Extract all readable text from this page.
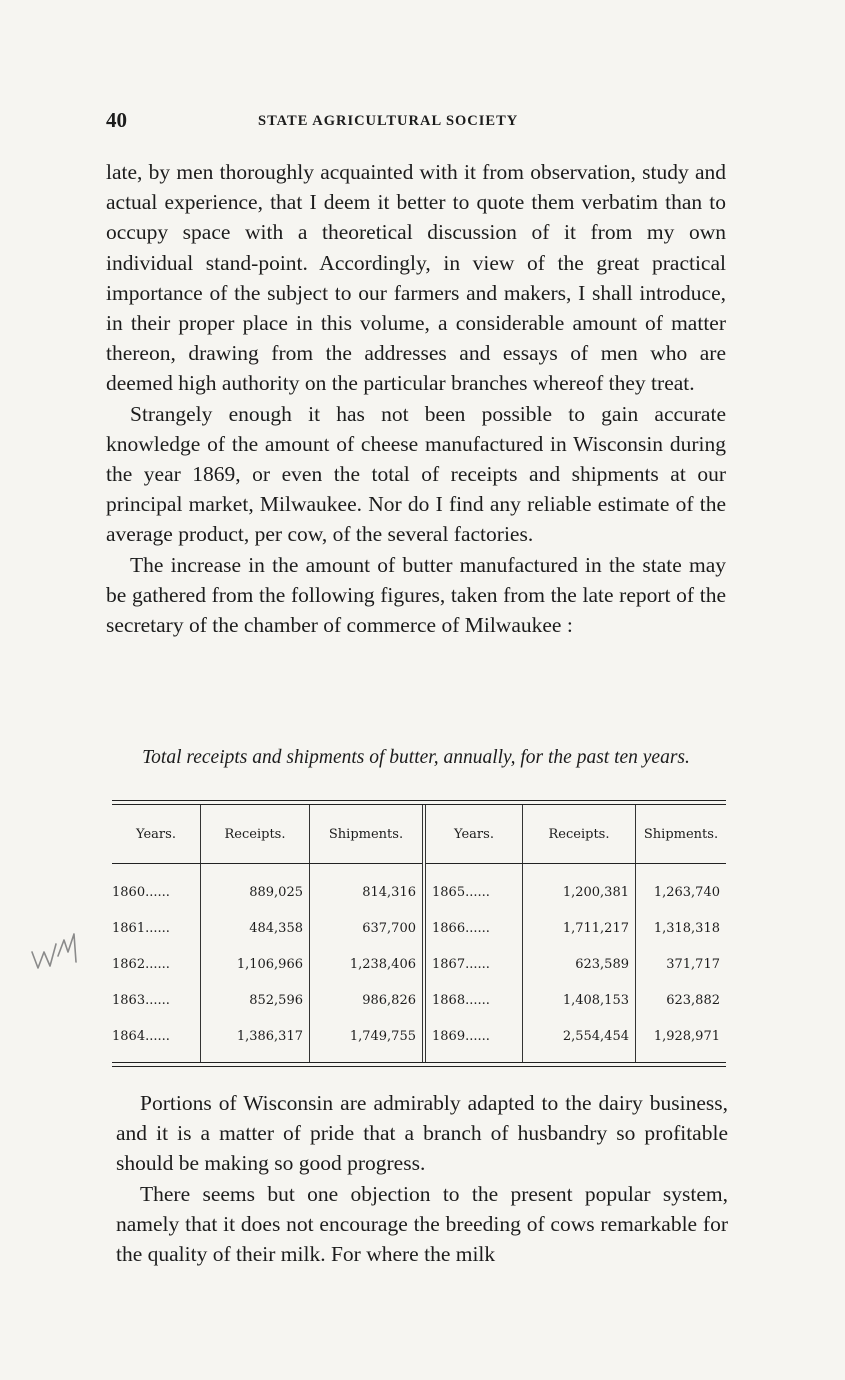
40	STATE AGRICULTURAL SOCIETY

late, by men thoroughly acquainted with it from observation, study and actual experience, that I deem it better to quote them verbatim than to occupy space with a theoretical discussion of it from my own individual stand-point. Accordingly, in view of the great practical importance of the subject to our farmers and makers, I shall introduce, in their proper place in this volume, a considerable amount of matter thereon, drawing from the addresses and essays of men who are deemed high authority on the particular branches whereof they treat.

Strangely enough it has not been possible to gain accurate knowledge of the amount of cheese manufactured in Wisconsin during the year 1869, or even the total of receipts and shipments at our principal market, Milwaukee. Nor do I find any reliable estimate of the average product, per cow, of the several factories.

The increase in the amount of butter manufactured in the state may be gathered from the following figures, taken from the late report of the secretary of the chamber of commerce of Milwaukee :

Total receipts and shipments of butter, annually, for the past ten years.
Years.	Receipts.	Shipments.	Years.	Receipts.	Shipments.
1860......	889,025	814,316	1865......	1,200,381	1,263,740
1861......	484,358	637,700	1866......	1,711,217	1,318,318
1862......	1,106,966	1,238,406	1867......	623,589	371,717
1863......	852,596	986,826	1868......	1,408,153	623,882
1864......	1,386,317	1,749,755	1869......	2,554,454	1,928,971

Portions of Wisconsin are admirably adapted to the dairy business, and it is a matter of pride that a branch of husbandry so profitable should be making so good progress.

There seems but one objection to the present popular system, namely that it does not encourage the breeding of cows remarkable for the quality of their milk. For where the milk
